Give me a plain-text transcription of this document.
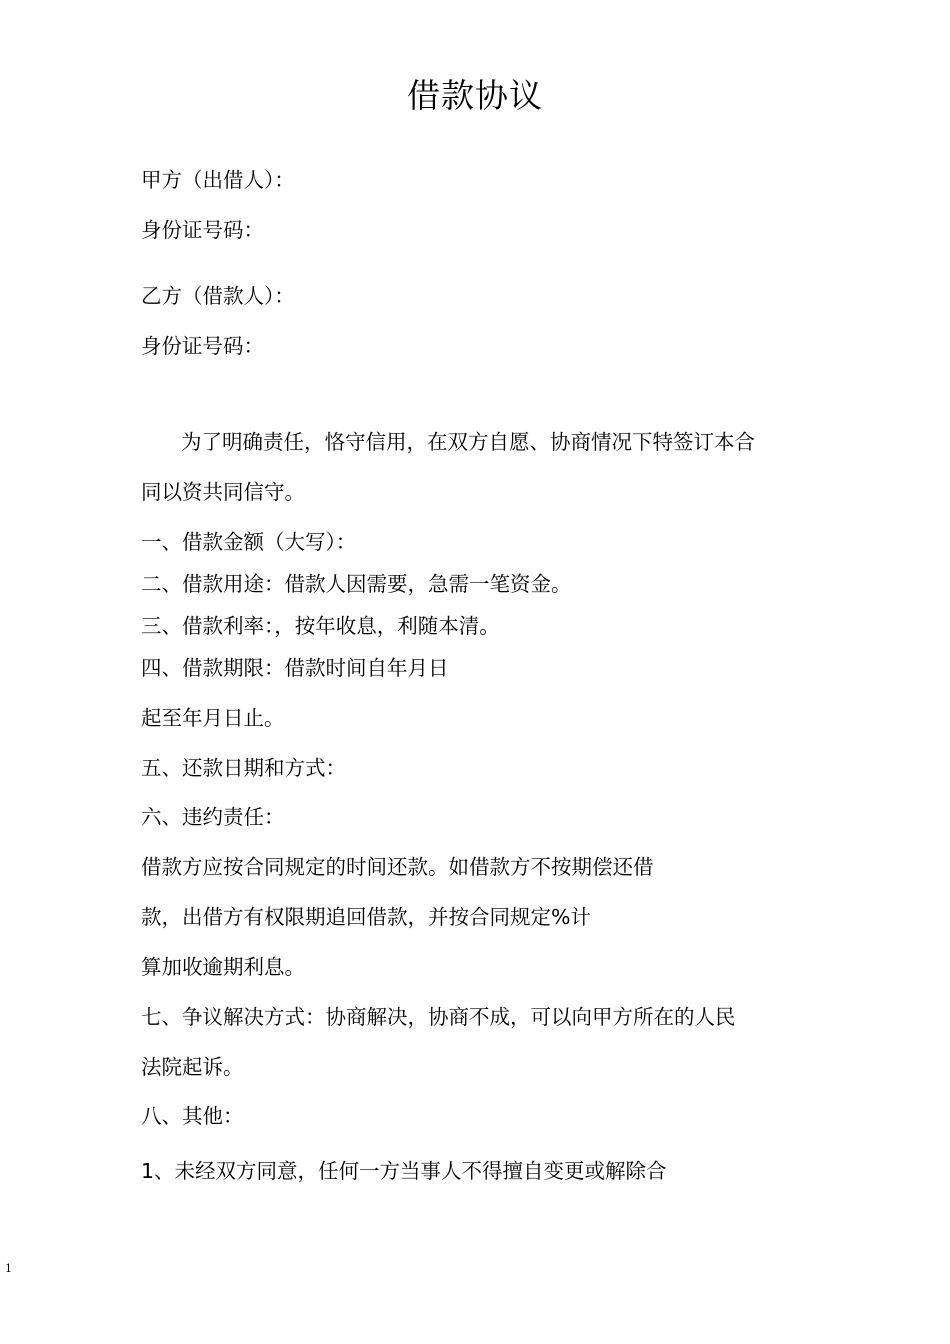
借款协议
甲方（出借人）：
身份证号码：
乙方（借款人）：
身份证号码：
为了明确责任，恪守信用，在双方自愿、协商情况下特签订本合
同以资共同信守。
一、借款金额（大写）：
二、借款用途：借款人因需要，急需一笔资金。
三、借款利率：，按年收息，利随本清。
四、借款期限：借款时间自年月日
起至年月日止。
五、还款日期和方式：
六、违约责任：
借款方应按合同规定的时间还款。如借款方不按期偿还借
款，出借方有权限期追回借款，并按合同规定%计
算加收逾期利息。
七、争议解决方式：协商解决，协商不成，可以向甲方所在的人民
法院起诉。
八、其他：
1、未经双方同意，任何一方当事人不得擅自变更或解除合
1
